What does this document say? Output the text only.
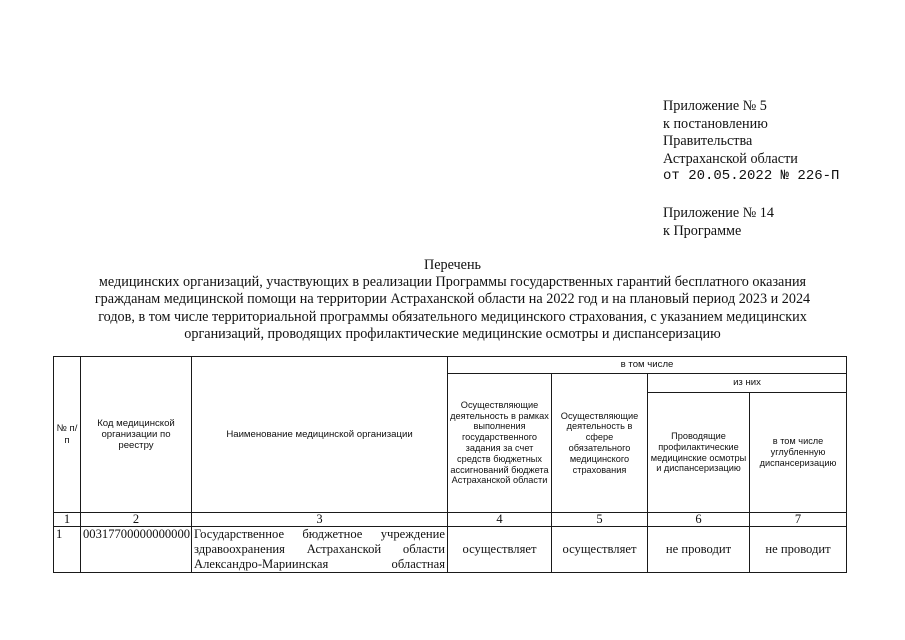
Приложение № 5
к постановлению
Правительства
Астраханской области
от 20.05.2022 № 226-П
Приложение № 14
к Программе
Перечень
медицинских организаций, участвующих в реализации Программы государственных гарантий бесплатного оказания
гражданам медицинской помощи на территории Астраханской области на 2022 год и на плановый период 2023 и 2024
годов, в том числе территориальной программы обязательного медицинского страхования, с указанием медицинских
организаций, проводящих профилактические медицинские осмотры и диспансеризацию
№ п/п	Код медицинской организации по реестру	Наименование медицинской организации	в том числе			
			Осуществляющие деятельность в рамках выполнения государственного задания за счет средств бюджетных ассигнований бюджета Астраханской области	Осуществляющие деятельность в сфере обязательного медицинского страхования	из них	
					Проводящие профилактические медицинские осмотры и диспансеризацию	в том числе углубленную диспансеризацию
1	2	3	4	5	6	7
1	00317700000000000	Государственное бюджетное учреждение
здравоохранения Астраханской области
Александро-Мариинская областная	осуществляет	осуществляет	не проводит	не проводит
